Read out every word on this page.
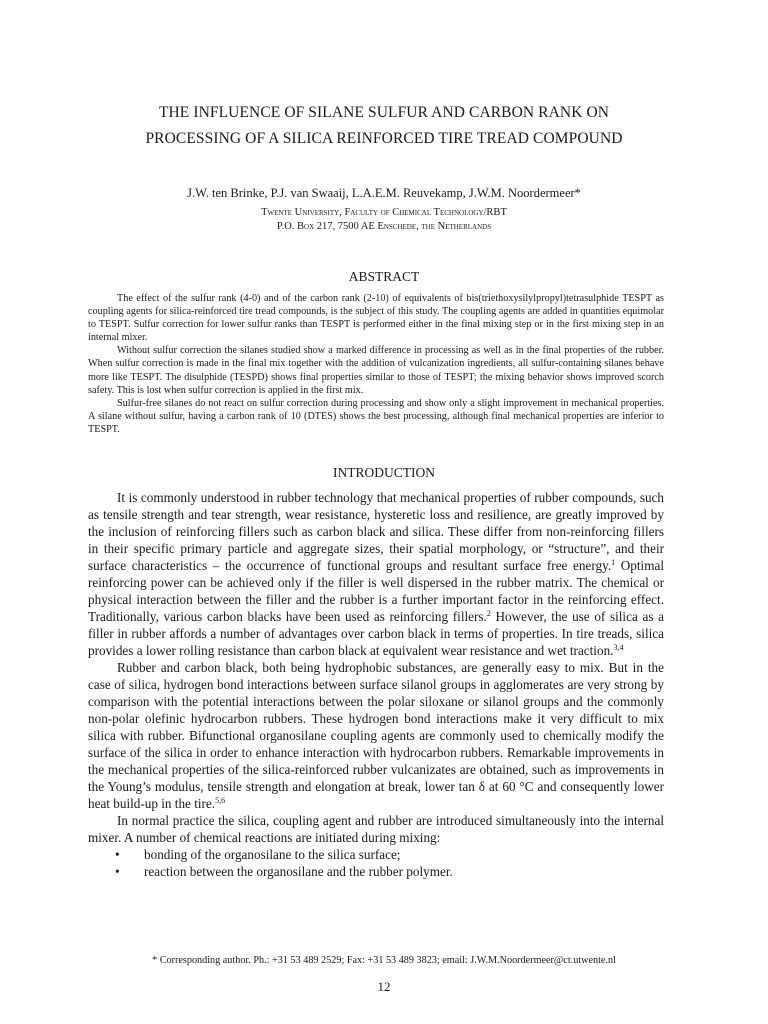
THE INFLUENCE OF SILANE SULFUR AND CARBON RANK ON
PROCESSING OF A SILICA REINFORCED TIRE TREAD COMPOUND
J.W. ten Brinke, P.J. van Swaaij, L.A.E.M. Reuvekamp, J.W.M. Noordermeer*
Twente University, Faculty of Chemical Technology/RBT
P.O. Box 217, 7500 AE Enschede, the Netherlands
ABSTRACT

The effect of the sulfur rank (4-0) and of the carbon rank (2-10) of equivalents of bis(triethoxysilylpropyl)tetrasulphide TESPT as coupling agents for silica-reinforced tire tread compounds, is the subject of this study. The coupling agents are added in quantities equimolar to TESPT. Sulfur correction for lower sulfur ranks than TESPT is performed either in the final mixing step or in the first mixing step in an internal mixer.

Without sulfur correction the silanes studied show a marked difference in processing as well as in the final properties of the rubber. When sulfur correction is made in the final mix together with the addition of vulcanization ingredients, all sulfur-containing silanes behave more like TESPT. The disulphide (TESPD) shows final properties similar to those of TESPT; the mixing behavior shows improved scorch safety. This is lost when sulfur correction is applied in the first mix.

Sulfur-free silanes do not react on sulfur correction during processing and show only a slight improvement in mechanical properties. A silane without sulfur, having a carbon rank of 10 (DTES) shows the best processing, although final mechanical properties are inferior to TESPT.

INTRODUCTION

It is commonly understood in rubber technology that mechanical properties of rubber compounds, such as tensile strength and tear strength, wear resistance, hysteretic loss and resilience, are greatly improved by the inclusion of reinforcing fillers such as carbon black and silica. These differ from non-reinforcing fillers in their specific primary particle and aggregate sizes, their spatial morphology, or “structure”, and their surface characteristics – the occurrence of functional groups and resultant surface free energy.$^1$ Optimal reinforcing power can be achieved only if the filler is well dispersed in the rubber matrix. The chemical or physical interaction between the filler and the rubber is a further important factor in the reinforcing effect. Traditionally, various carbon blacks have been used as reinforcing fillers.$^2$ However, the use of silica as a filler in rubber affords a number of advantages over carbon black in terms of properties. In tire treads, silica provides a lower rolling resistance than carbon black at equivalent wear resistance and wet traction.$^{3,4}$

Rubber and carbon black, both being hydrophobic substances, are generally easy to mix. But in the case of silica, hydrogen bond interactions between surface silanol groups in agglomerates are very strong by comparison with the potential interactions between the polar siloxane or silanol groups and the commonly non-polar olefinic hydrocarbon rubbers. These hydrogen bond interactions make it very difficult to mix silica with rubber. Bifunctional organosilane coupling agents are commonly used to chemically modify the surface of the silica in order to enhance interaction with hydrocarbon rubbers. Remarkable improvements in the mechanical properties of the silica-reinforced rubber vulcanizates are obtained, such as improvements in the Young’s modulus, tensile strength and elongation at break, lower tan δ at 60 °C and consequently lower heat build-up in the tire.$^{5,6}$

In normal practice the silica, coupling agent and rubber are introduced simultaneously into the internal mixer. A number of chemical reactions are initiated during mixing:

• bonding of the organosilane to the silica surface;
• reaction between the organosilane and the rubber polymer.
* Corresponding author. Ph.: +31 53 489 2529; Fax: +31 53 489 3823; email: J.W.M.Noordermeer@ct.utwente.nl
12
